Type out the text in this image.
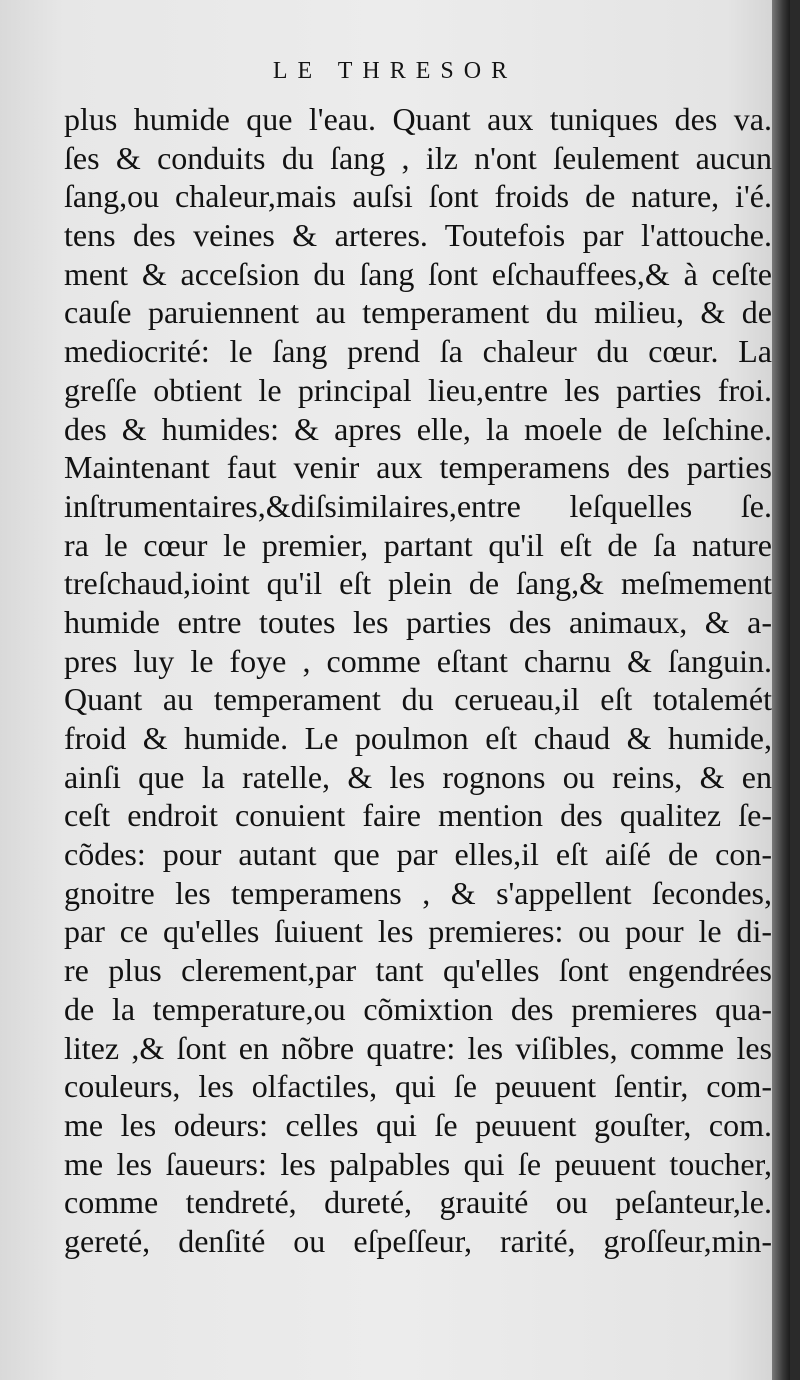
LE THRESOR
plus humide que l'eau. Quant aux tuniques des va.
ſes & conduits du ſang , ilz n'ont ſeulement aucun
ſang,ou chaleur,mais auſsi ſont froids de nature, i'é.
tens des veines & arteres. Toutefois par l'attouche.
ment & acceſsion du ſang ſont eſchauffees,& à ceſte
cauſe paruiennent au temperament du milieu, & de
mediocrité: le ſang prend ſa chaleur du cœur. La
greſſe obtient le principal lieu,entre les parties froi.
des & humides: & apres elle, la moele de leſchine.
Maintenant faut venir aux temperamens des parties
inſtrumentaires,&diſsimilaires,entre leſquelles ſe.
ra le cœur le premier, partant qu'il eſt de ſa nature
treſchaud,ioint qu'il eſt plein de ſang,& meſmement
humide entre toutes les parties des animaux, & a-
pres luy le foye , comme eſtant charnu & ſanguin.
Quant au temperament du cerueau,il eſt totalemét
froid & humide. Le poulmon eſt chaud & humide,
ainſi que la ratelle, & les rognons ou reins, & en
ceſt endroit conuient faire mention des qualitez ſe-
cõdes: pour autant que par elles,il eſt aiſé de con-
gnoitre les temperamens , & s'appellent ſecondes,
par ce qu'elles ſuiuent les premieres: ou pour le di-
re plus clerement,par tant qu'elles ſont engendrées
de la temperature,ou cõmixtion des premieres qua-
litez ,& ſont en nõbre quatre: les viſibles, comme les
couleurs, les olfactiles, qui ſe peuuent ſentir, com-
me les odeurs: celles qui ſe peuuent gouſter, com.
me les ſaueurs: les palpables qui ſe peuuent toucher,
comme tendreté, dureté, grauité ou peſanteur,le.
gereté, denſité ou eſpeſſeur, rarité, groſſeur,min-
